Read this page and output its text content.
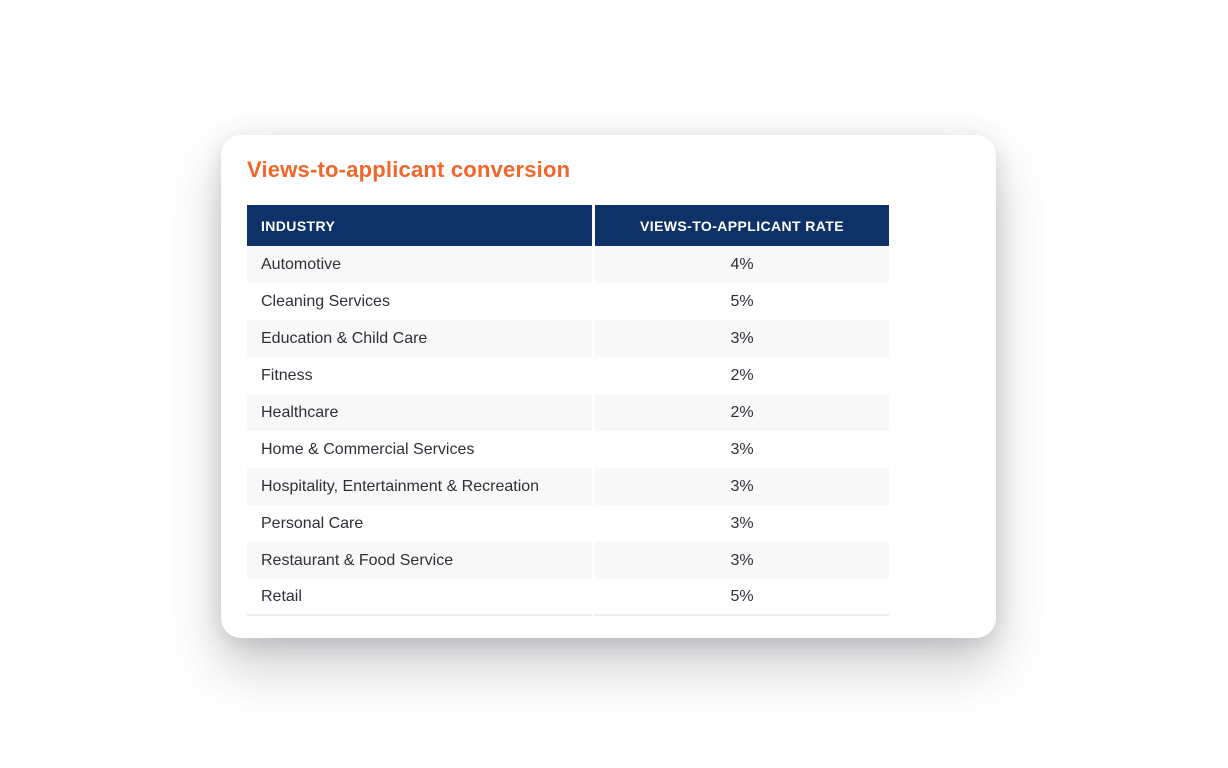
Views-to-applicant conversion
INDUSTRY	VIEWS-TO-APPLICANT RATE
Automotive	4%
Cleaning Services	5%
Education & Child Care	3%
Fitness	2%
Healthcare	2%
Home & Commercial Services	3%
Hospitality, Entertainment & Recreation	3%
Personal Care	3%
Restaurant & Food Service	3%
Retail	5%
